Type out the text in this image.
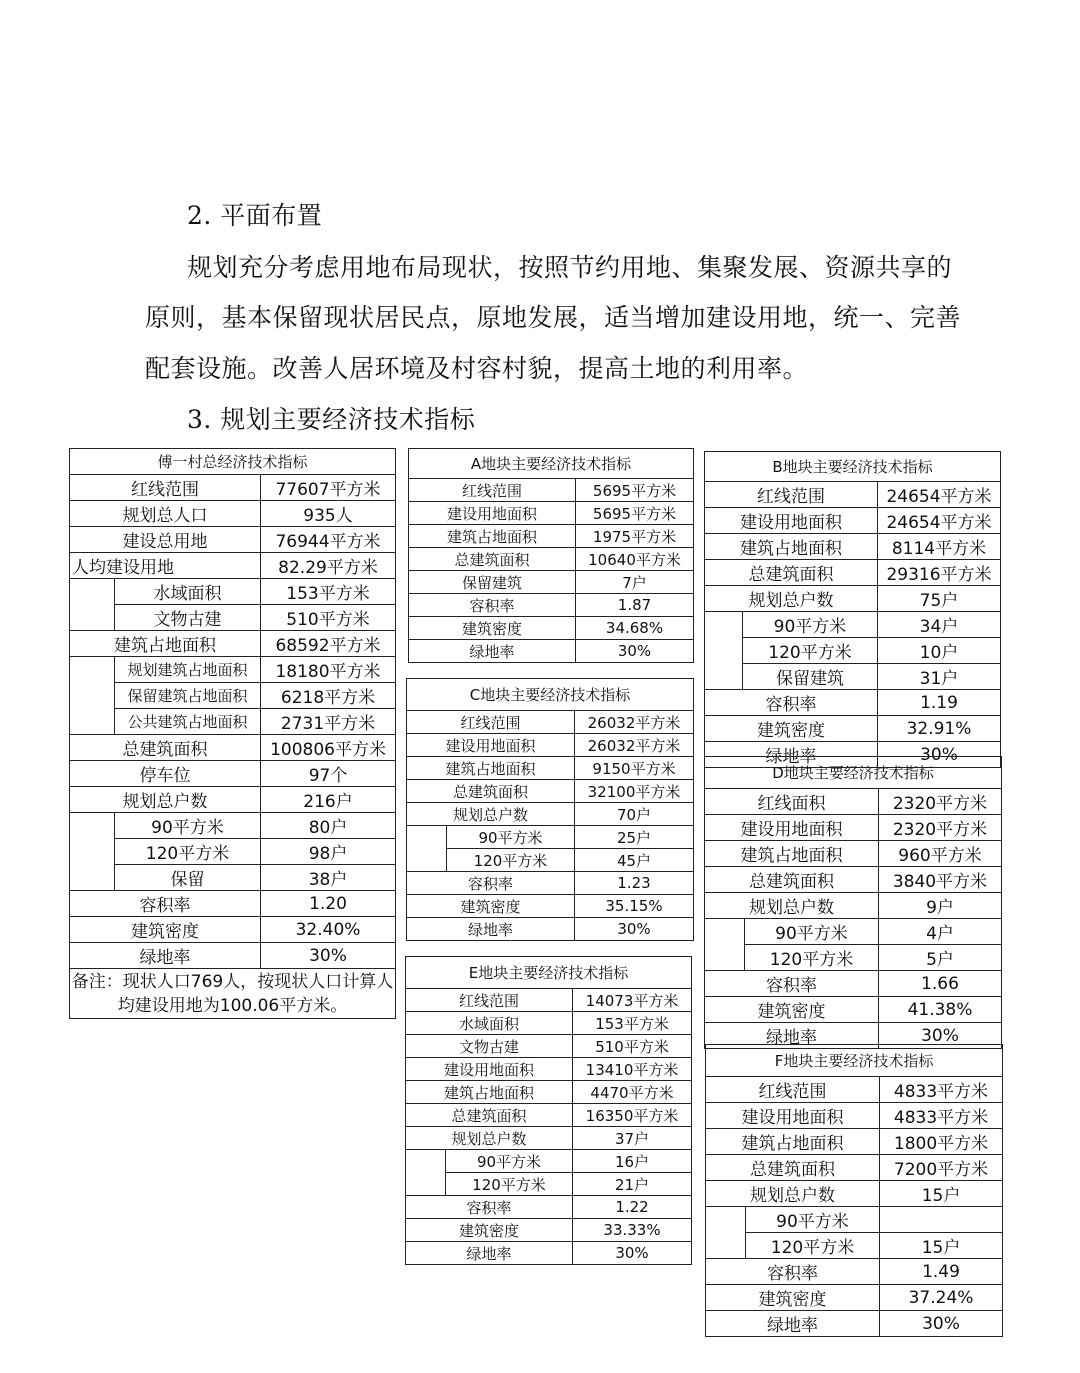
2. 平面布置
规划充分考虑用地布局现状，按照节约用地、集聚发展、资源共享的
原则，基本保留现状居民点，原地发展，适当增加建设用地，统一、完善
配套设施。改善人居环境及村容村貌，提高土地的利用率。
3. 规划主要经济技术指标
傅一村总经济技术指标		
红线范围		77607平方米
规划总人口		935人
建设总用地		76944平方米
人均建设用地		82.29平方米
	水域面积	153平方米
	文物古建	510平方米
建筑占地面积		68592平方米
	规划建筑占地面积	18180平方米
	保留建筑占地面积	6218平方米
	公共建筑占地面积	2731平方米
总建筑面积		100806平方米
停车位		97个
规划总户数		216户
	90平方米	80户
	120平方米	98户
	保留	38户
容积率		1.20
建筑密度		32.40%
绿地率		30%
备注：现状人口769人，按现状人口计算人均建设用地为100.06平方米。		
A地块主要经济技术指标	
红线范围	5695平方米
建设用地面积	5695平方米
建筑占地面积	1975平方米
总建筑面积	10640平方米
保留建筑	7户
容积率	1.87
建筑密度	34.68%
绿地率	30%
B地块主要经济技术指标		
红线范围		24654平方米
建设用地面积		24654平方米
建筑占地面积		8114平方米
总建筑面积		29316平方米
规划总户数		75户
	90平方米	34户
	120平方米	10户
	保留建筑	31户
容积率		1.19
建筑密度		32.91%
绿地率		30%
C地块主要经济技术指标		
红线范围		26032平方米
建设用地面积		26032平方米
建筑占地面积		9150平方米
总建筑面积		32100平方米
规划总户数		70户
	90平方米	25户
	120平方米	45户
容积率		1.23
建筑密度		35.15%
绿地率		30%
D地块主要经济技术指标		
红线面积		2320平方米
建设用地面积		2320平方米
建筑占地面积		960平方米
总建筑面积		3840平方米
规划总户数		9户
	90平方米	4户
	120平方米	5户
容积率		1.66
建筑密度		41.38%
绿地率		30%
E地块主要经济技术指标		
红线范围		14073平方米
水域面积		153平方米
文物古建		510平方米
建设用地面积		13410平方米
建筑占地面积		4470平方米
总建筑面积		16350平方米
规划总户数		37户
	90平方米	16户
	120平方米	21户
容积率		1.22
建筑密度		33.33%
绿地率		30%
F地块主要经济技术指标		
红线范围		4833平方米
建设用地面积		4833平方米
建筑占地面积		1800平方米
总建筑面积		7200平方米
规划总户数		15户
	90平方米	
	120平方米	15户
容积率		1.49
建筑密度		37.24%
绿地率		30%
